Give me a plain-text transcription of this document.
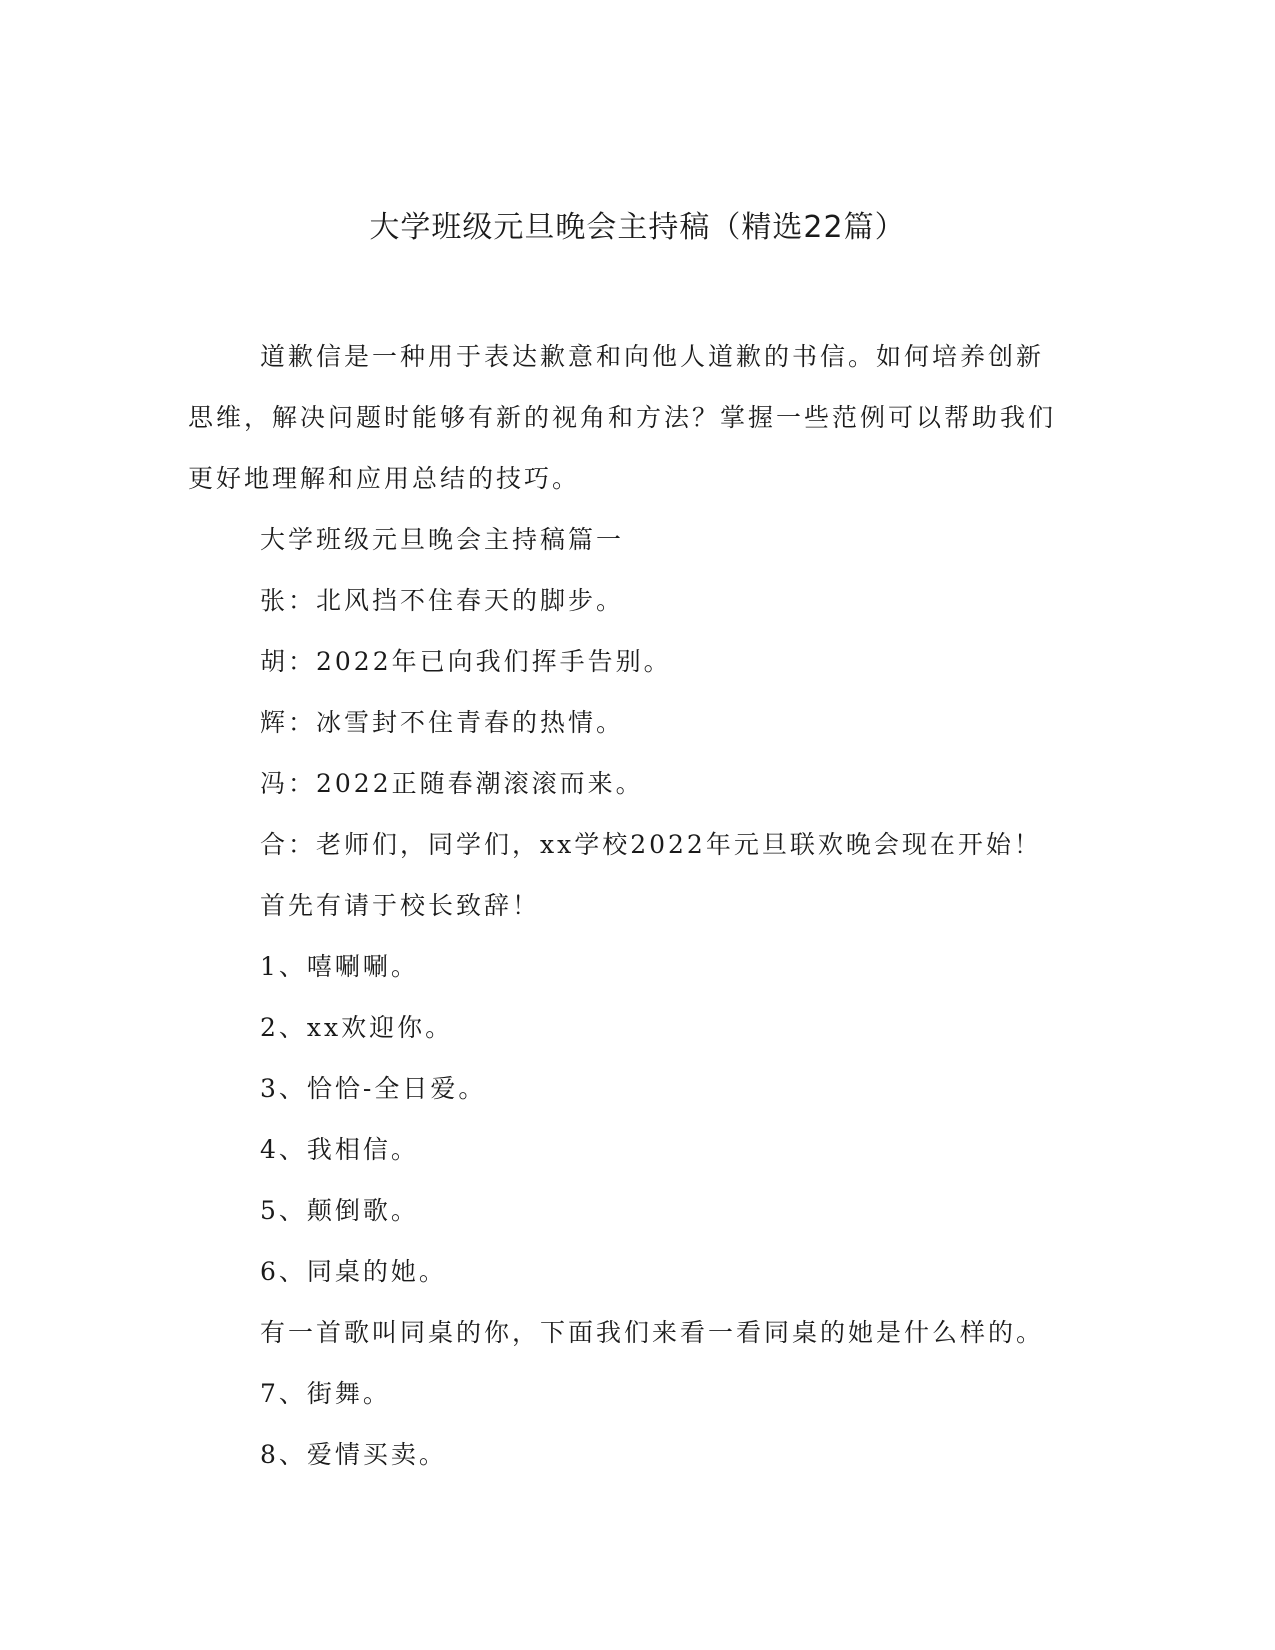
大学班级元旦晚会主持稿（精选22篇）

道歉信是一种用于表达歉意和向他人道歉的书信。如何培养创新思维，解决问题时能够有新的视角和方法？掌握一些范例可以帮助我们更好地理解和应用总结的技巧。

大学班级元旦晚会主持稿篇一

张：北风挡不住春天的脚步。

胡：2022年已向我们挥手告别。

辉：冰雪封不住青春的热情。

冯：2022正随春潮滚滚而来。

合：老师们，同学们，xx学校2022年元旦联欢晚会现在开始！

首先有请于校长致辞！

1、嘻唰唰。

2、xx欢迎你。

3、恰恰-全日爱。

4、我相信。

5、颠倒歌。

6、同桌的她。

有一首歌叫同桌的你，下面我们来看一看同桌的她是什么样的。

7、街舞。

8、爱情买卖。
